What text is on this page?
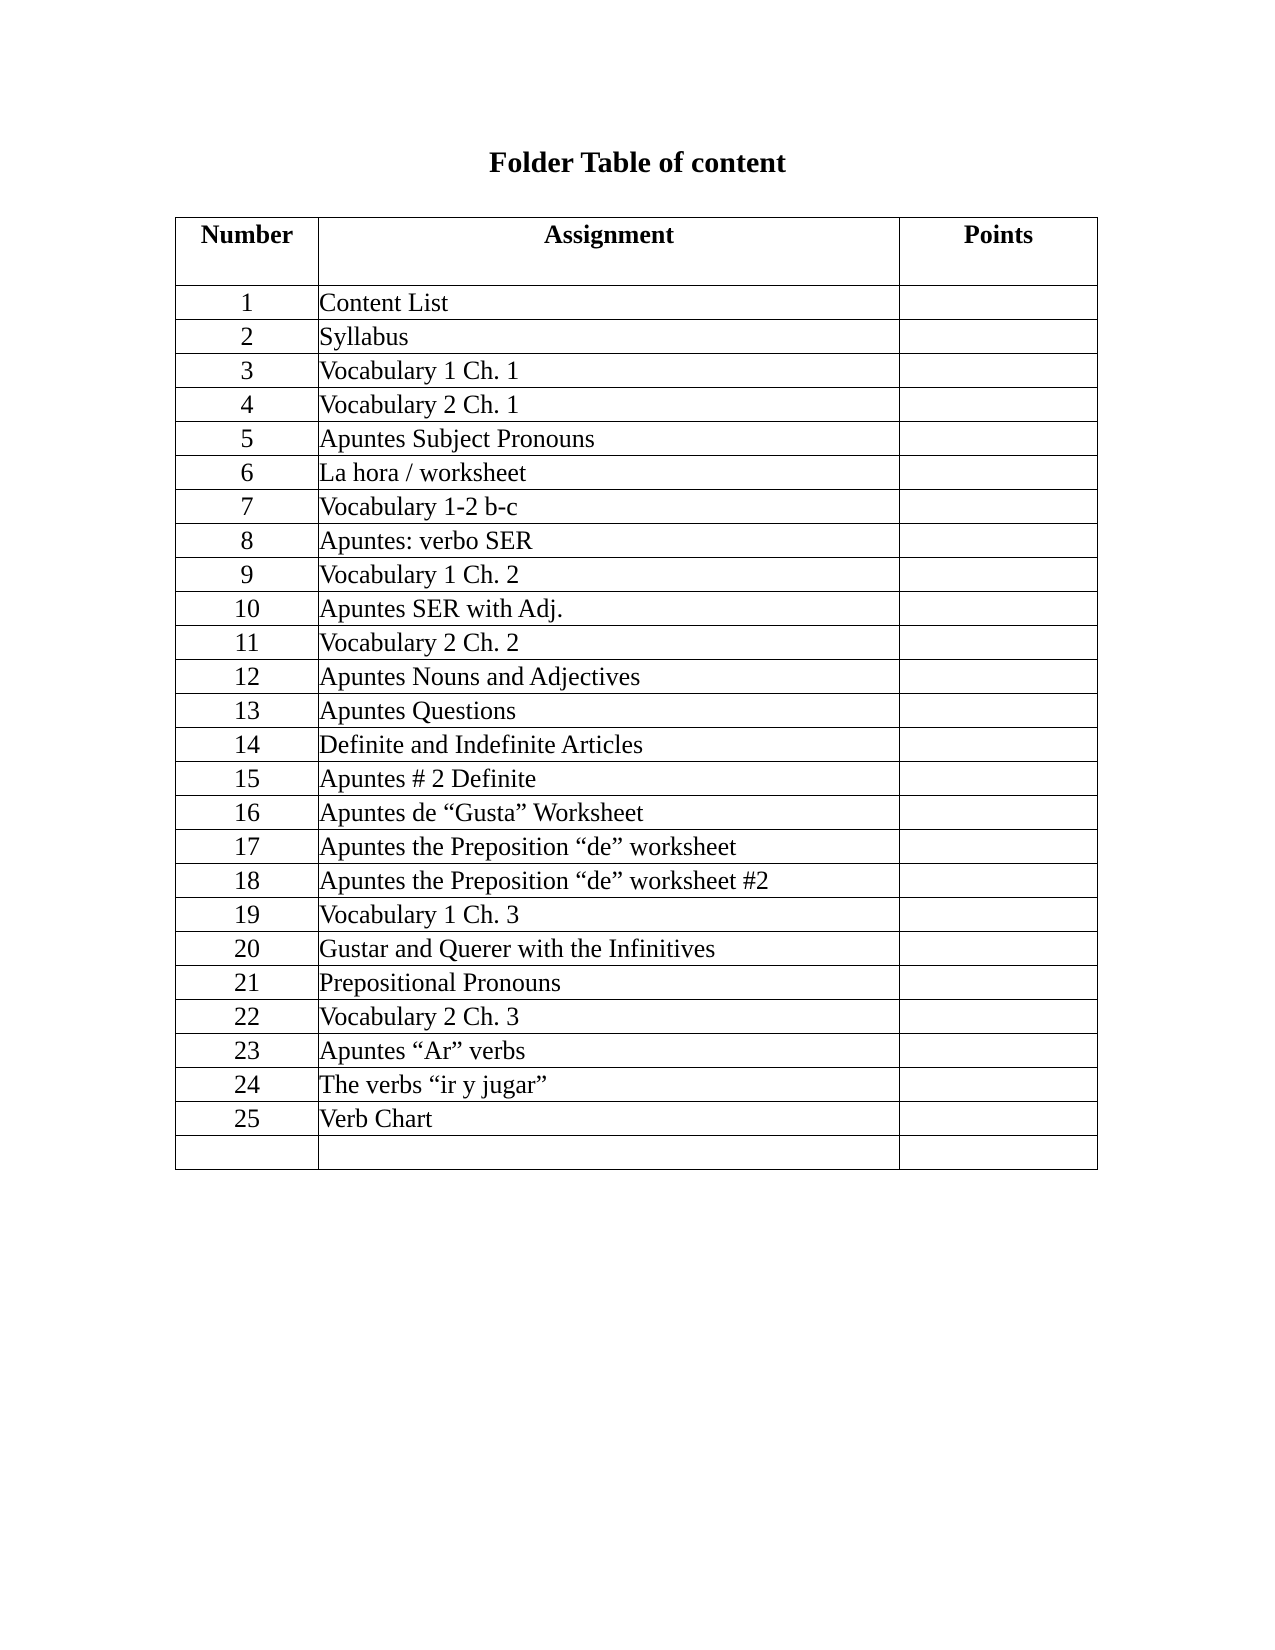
Folder Table of content
Number	Assignment	Points
1	Content List	
2	Syllabus	
3	Vocabulary 1 Ch. 1	
4	Vocabulary 2 Ch. 1	
5	Apuntes Subject Pronouns	
6	La hora / worksheet	
7	Vocabulary 1-2 b-c	
8	Apuntes: verbo SER	
9	Vocabulary 1 Ch. 2	
10	Apuntes SER with Adj.	
11	Vocabulary 2 Ch. 2	
12	Apuntes Nouns and Adjectives	
13	Apuntes Questions	
14	Definite and Indefinite Articles	
15	Apuntes # 2 Definite	
16	Apuntes de “Gusta” Worksheet	
17	Apuntes the Preposition “de” worksheet	
18	Apuntes the Preposition “de” worksheet #2	
19	Vocabulary 1 Ch. 3	
20	Gustar and Querer with the Infinitives	
21	Prepositional Pronouns	
22	Vocabulary 2 Ch. 3	
23	Apuntes “Ar” verbs	
24	The verbs “ir y jugar”	
25	Verb Chart	
